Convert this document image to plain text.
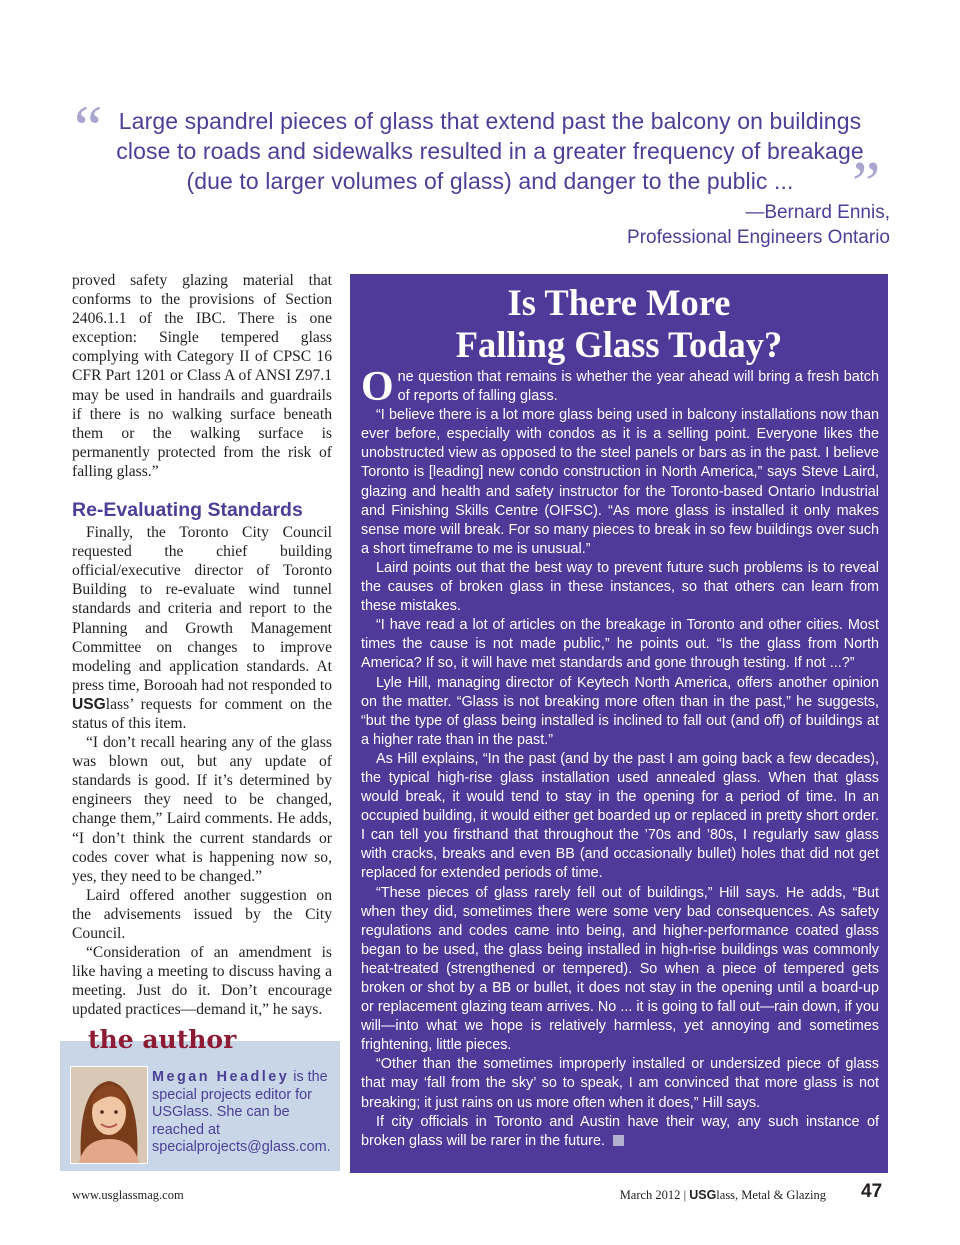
“ Large spandrel pieces of glass that extend past the balcony on buildings close to roads and sidewalks resulted in a greater frequency of breakage (due to larger volumes of glass) and danger to the public ... ”
—Bernard Ennis,
Professional Engineers Ontario

proved safety glazing material that conforms to the provisions of Section 2406.1.1 of the IBC. There is one exception: Single tempered glass complying with Category II of CPSC 16 CFR Part 1201 or Class A of ANSI Z97.1 may be used in handrails and guardrails if there is no walking surface beneath them or the walking surface is permanently protected from the risk of falling glass.”

Re-Evaluating Standards

Finally, the Toronto City Council requested the chief building official/executive director of Toronto Building to re-evaluate wind tunnel standards and criteria and report to the Planning and Growth Management Committee on changes to improve modeling and application standards. At press time, Borooah had not responded to USGlass’ requests for comment on the status of this item.

“I don’t recall hearing any of the glass was blown out, but any update of standards is good. If it’s determined by engineers they need to be changed, change them,” Laird comments. He adds, “I don’t think the current standards or codes cover what is happening now so, yes, they need to be changed.”

Laird offered another suggestion on the advisements issued by the City Council.

“Consideration of an amendment is like having a meeting to discuss having a meeting. Just do it. Don’t encourage updated practices—demand it,” he says.

the author
Megan Headley is the special projects editor for USGlass. She can be reached at specialprojects@glass.com.
Is There More
Falling Glass Today?

One question that remains is whether the year ahead will bring a fresh batch of reports of falling glass.

“I believe there is a lot more glass being used in balcony installations now than ever before, especially with condos as it is a selling point. Everyone likes the unobstructed view as opposed to the steel panels or bars as in the past. I believe Toronto is [leading] new condo construction in North America,” says Steve Laird, glazing and health and safety instructor for the Toronto-based Ontario Industrial and Finishing Skills Centre (OIFSC). “As more glass is installed it only makes sense more will break. For so many pieces to break in so few buildings over such a short timeframe to me is unusual.”

Laird points out that the best way to prevent future such problems is to reveal the causes of broken glass in these instances, so that others can learn from these mistakes.

“I have read a lot of articles on the breakage in Toronto and other cities. Most times the cause is not made public,” he points out. “Is the glass from North America? If so, it will have met standards and gone through testing. If not ...?”

Lyle Hill, managing director of Keytech North America, offers another opinion on the matter. “Glass is not breaking more often than in the past,” he suggests, “but the type of glass being installed is inclined to fall out (and off) of buildings at a higher rate than in the past.”

As Hill explains, “In the past (and by the past I am going back a few decades), the typical high-rise glass installation used annealed glass. When that glass would break, it would tend to stay in the opening for a period of time. In an occupied building, it would either get boarded up or replaced in pretty short order. I can tell you firsthand that throughout the ’70s and ’80s, I regularly saw glass with cracks, breaks and even BB (and occasionally bullet) holes that did not get replaced for extended periods of time.

“These pieces of glass rarely fell out of buildings,” Hill says. He adds, “But when they did, sometimes there were some very bad consequences. As safety regulations and codes came into being, and higher-performance coated glass began to be used, the glass being installed in high-rise buildings was commonly heat-treated (strengthened or tempered). So when a piece of tempered gets broken or shot by a BB or bullet, it does not stay in the opening until a board-up or replacement glazing team arrives. No ... it is going to fall out—rain down, if you will—into what we hope is relatively harmless, yet annoying and sometimes frightening, little pieces.

“Other than the sometimes improperly installed or undersized piece of glass that may ‘fall from the sky’ so to speak, I am convinced that more glass is not breaking; it just rains on us more often when it does,” Hill says.

If city officials in Toronto and Austin have their way, any such instance of broken glass will be rarer in the future.

www.usglassmag.com	March 2012 | USGlass, Metal & Glazing 47
